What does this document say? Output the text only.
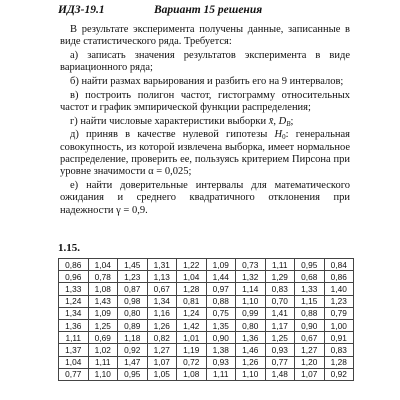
ИДЗ-19.1	Вариант 15 решения

В результате эксперимента получены данные, записанные в виде статистического ряда. Требуется:

а) записать значения результатов эксперимента в виде вариационного ряда;

б) найти размах варьирования и разбить его на 9 интервалов;

в) построить полигон частот, гистограмму относительных частот и график эмпирической функции распределения;

г) найти числовые характеристики выборки x̄, $D_B$;

д) приняв в качестве нулевой гипотезы $H_0$: генеральная совокупность, из которой извлечена выборка, имеет нормальное распределение, проверить ее, пользуясь критерием Пирсона при уровне значимости α = 0,025;

е) найти доверительные интервалы для математического ожидания и среднего квадратичного отклонения при надежности γ = 0,9.

1.15.
0,86	1,04	1,45	1,31	1,22	1,09	0,73	1,11	0,95	0,84
0,96	0,78	1,23	1,13	1,04	1,44	1,32	1,29	0,68	0,86
1,33	1,08	0,87	0,67	1,28	0,97	1,14	0,83	1,33	1,40
1,24	1,43	0,98	1,34	0,81	0,88	1,10	0,70	1,15	1,23
1,34	1,09	0,80	1,16	1,24	0,75	0,99	1,41	0,88	0,79
1,36	1,25	0,89	1,26	1,42	1,35	0,80	1,17	0,90	1,00
1,11	0,69	1,18	0,82	1,01	0,90	1,36	1,25	0,67	0,91
1,37	1,02	0,92	1,27	1,19	1,38	1,46	0,93	1,27	0,83
1,04	1,11	1,47	1,07	0,72	0,93	1,26	0,77	1,20	1,28
0,77	1,10	0,95	1,05	1,08	1,11	1,10	1,48	1,07	0,92
